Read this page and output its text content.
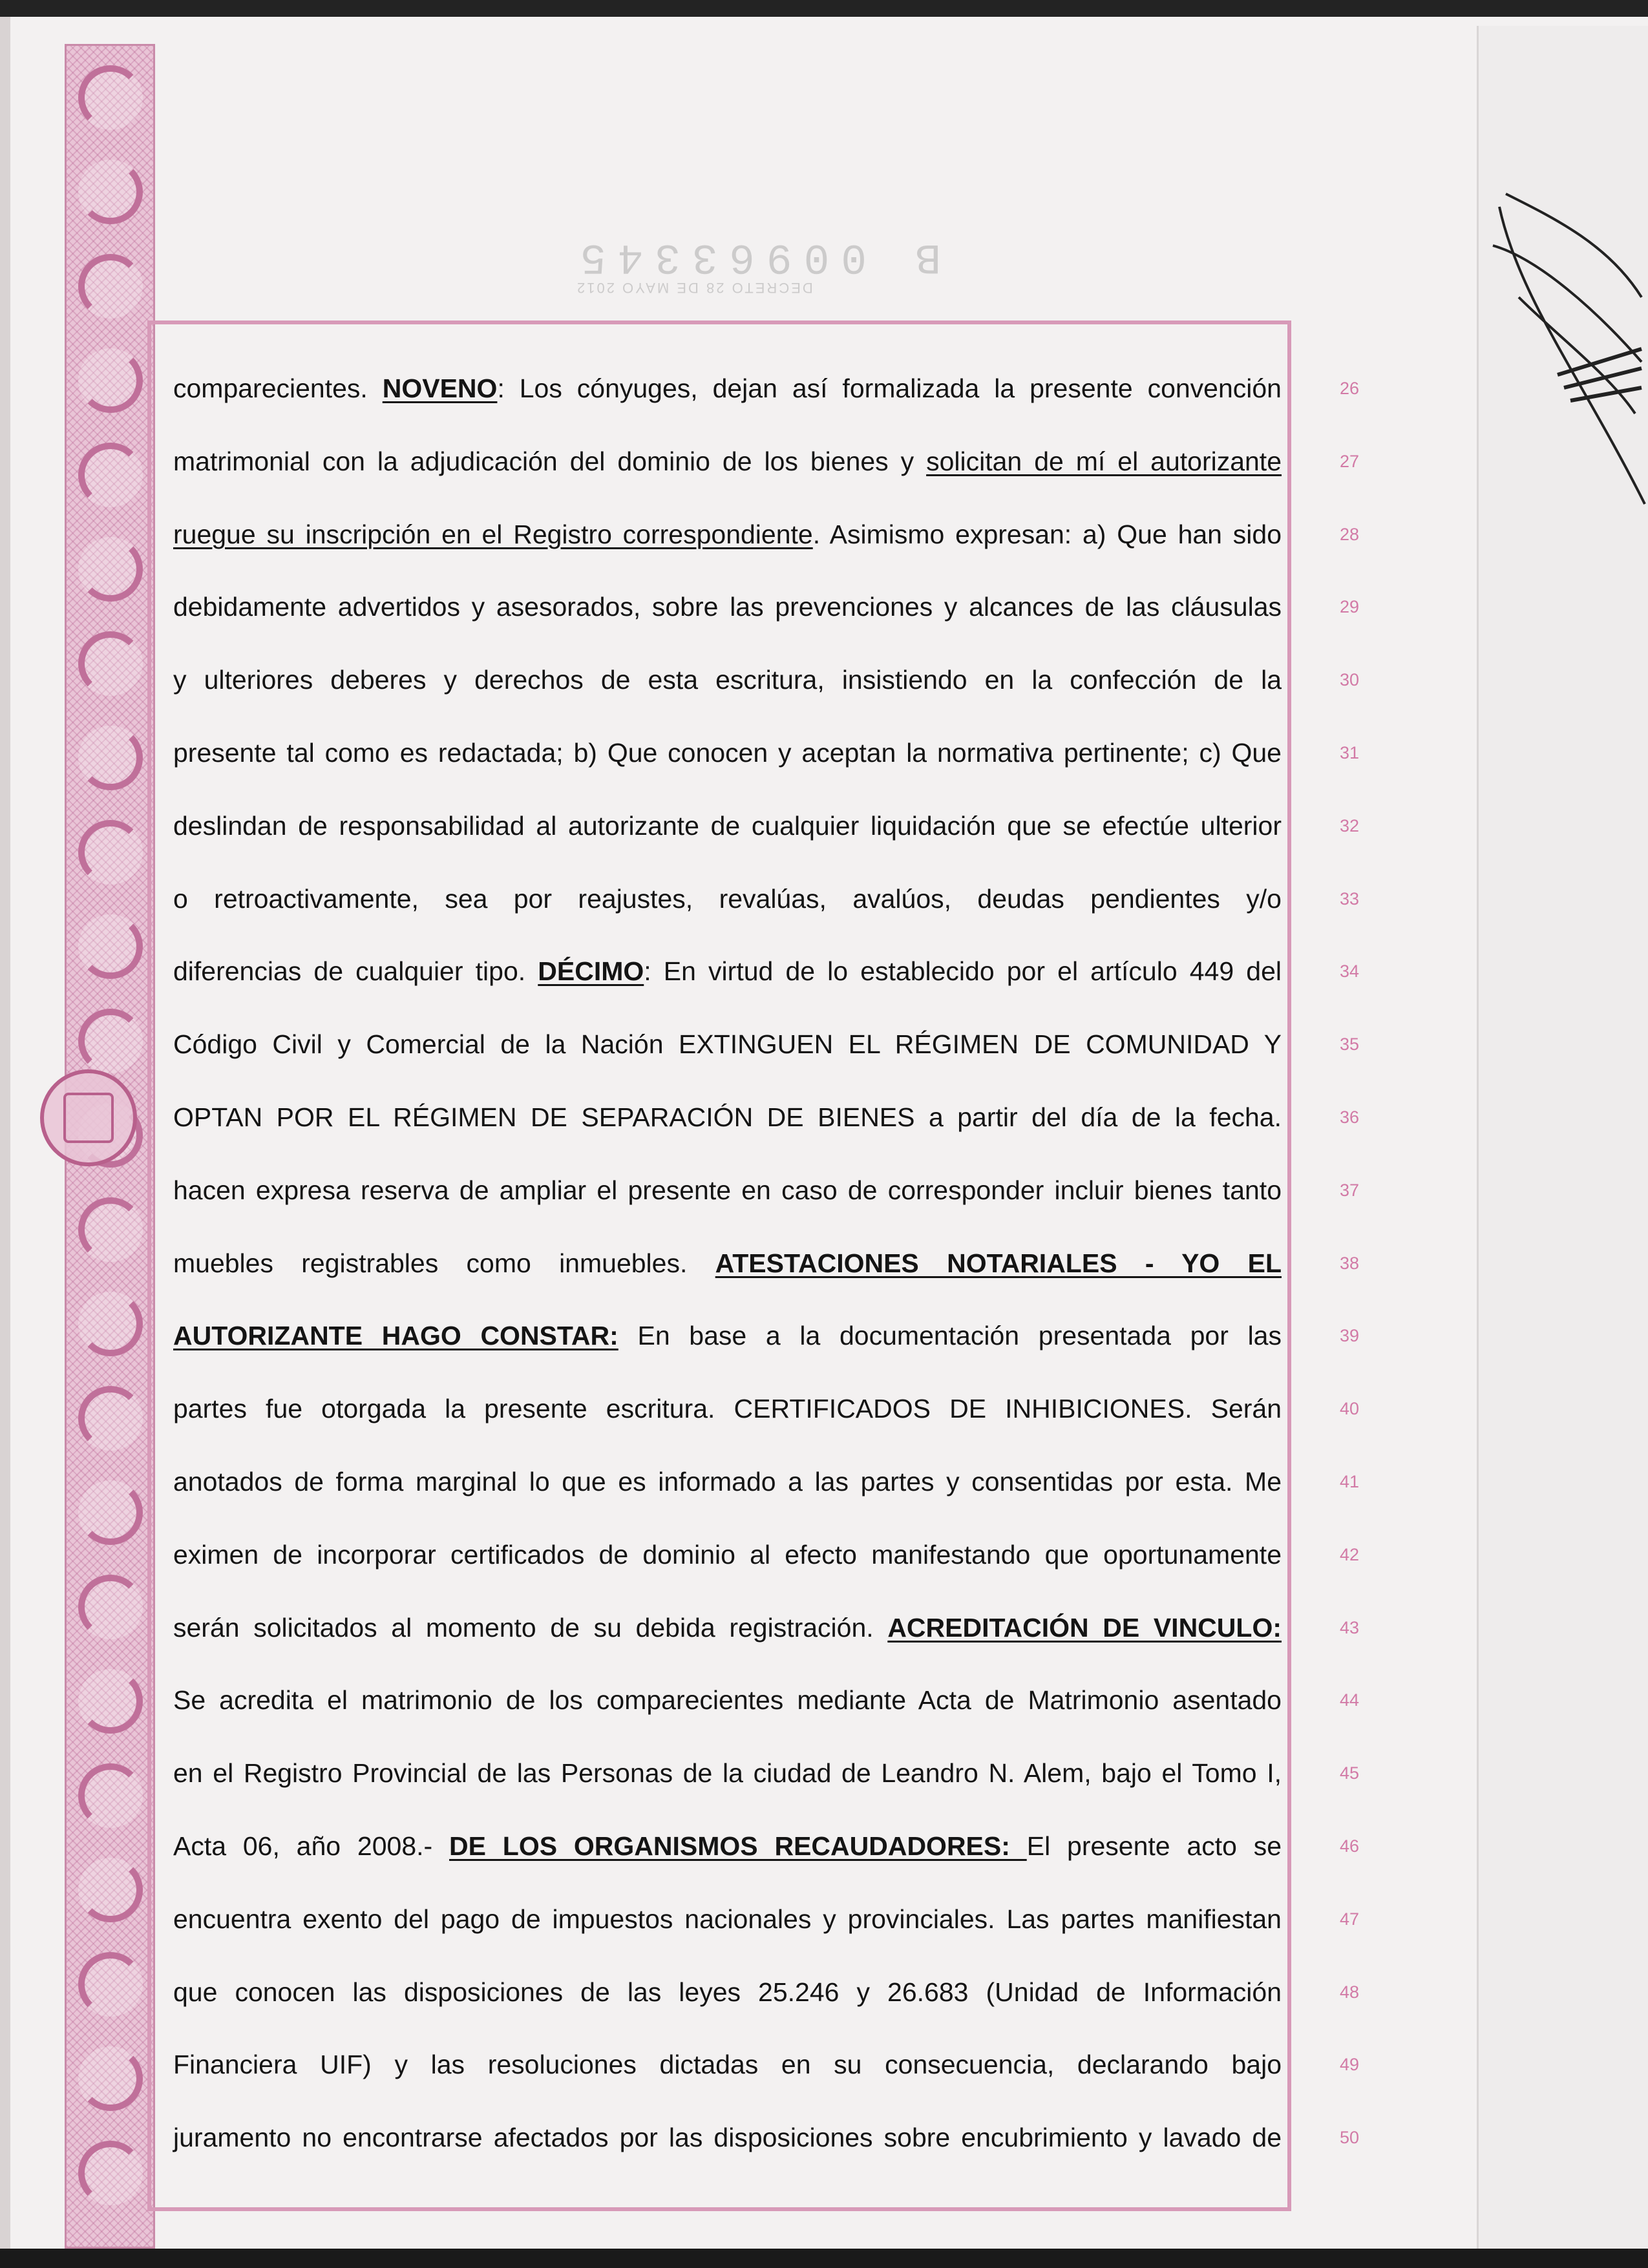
B 00963345
DECRETO 28 DE MAYO 2012
comparecientes. NOVENO: Los cónyuges, dejan así formalizada la presente convención	26
matrimonial con la adjudicación del dominio de los bienes y solicitan de mí el autorizante	27
ruegue su inscripción en el Registro correspondiente. Asimismo expresan: a) Que han sido	28
debidamente advertidos y asesorados, sobre las prevenciones y alcances de las cláusulas	29
y ulteriores deberes y derechos de esta escritura, insistiendo en la confección de la	30
presente tal como es redactada; b) Que conocen y aceptan la normativa pertinente; c) Que	31
deslindan de responsabilidad al autorizante de cualquier liquidación que se efectúe ulterior	32
o retroactivamente, sea por reajustes, revalúas, avalúos, deudas pendientes y/o	33
diferencias de cualquier tipo. DÉCIMO: En virtud de lo establecido por el artículo 449 del	34
Código Civil y Comercial de la Nación EXTINGUEN EL RÉGIMEN DE COMUNIDAD Y	35
OPTAN POR EL RÉGIMEN DE SEPARACIÓN DE BIENES a partir del día de la fecha.	36
hacen expresa reserva de ampliar el presente en caso de corresponder incluir bienes tanto	37
muebles registrables como inmuebles. ATESTACIONES NOTARIALES - YO EL	38
AUTORIZANTE HAGO CONSTAR: En base a la documentación presentada por las	39
partes fue otorgada la presente escritura. CERTIFICADOS DE INHIBICIONES. Serán	40
anotados de forma marginal lo que es informado a las partes y consentidas por esta. Me	41
eximen de incorporar certificados de dominio al efecto manifestando que oportunamente	42
serán solicitados al momento de su debida registración. ACREDITACIÓN DE VINCULO:	43
Se acredita el matrimonio de los comparecientes mediante Acta de Matrimonio asentado	44
en el Registro Provincial de las Personas de la ciudad de Leandro N. Alem, bajo el Tomo I,	45
Acta 06, año 2008.- DE LOS ORGANISMOS RECAUDADORES: El presente acto se	46
encuentra exento del pago de impuestos nacionales y provinciales. Las partes manifiestan	47
que conocen las disposiciones de las leyes 25.246 y 26.683 (Unidad de Información	48
Financiera UIF) y las resoluciones dictadas en su consecuencia, declarando bajo	49
juramento no encontrarse afectados por las disposiciones sobre encubrimiento y lavado de	50
